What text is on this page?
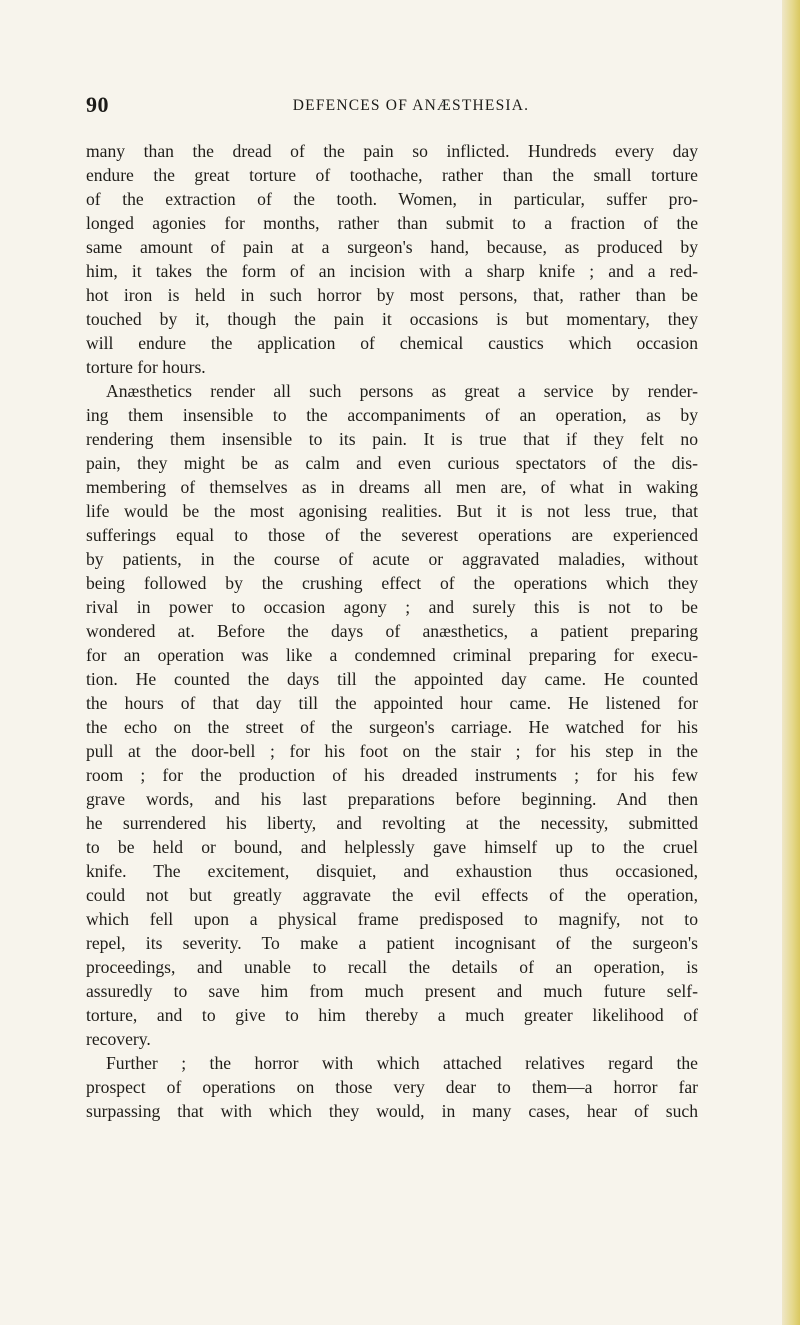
90	DEFENCES OF ANÆSTHESIA.
many than the dread of the pain so inflicted. Hundreds every day
endure the great torture of toothache, rather than the small torture
of the extraction of the tooth. Women, in particular, suffer pro-
longed agonies for months, rather than submit to a fraction of the
same amount of pain at a surgeon's hand, because, as produced by
him, it takes the form of an incision with a sharp knife ; and a red-
hot iron is held in such horror by most persons, that, rather than be
touched by it, though the pain it occasions is but momentary, they
will endure the application of chemical caustics which occasion
torture for hours.
Anæsthetics render all such persons as great a service by render-
ing them insensible to the accompaniments of an operation, as by
rendering them insensible to its pain. It is true that if they felt no
pain, they might be as calm and even curious spectators of the dis-
membering of themselves as in dreams all men are, of what in waking
life would be the most agonising realities. But it is not less true, that
sufferings equal to those of the severest operations are experienced
by patients, in the course of acute or aggravated maladies, without
being followed by the crushing effect of the operations which they
rival in power to occasion agony ; and surely this is not to be
wondered at. Before the days of anæsthetics, a patient preparing
for an operation was like a condemned criminal preparing for execu-
tion. He counted the days till the appointed day came. He counted
the hours of that day till the appointed hour came. He listened for
the echo on the street of the surgeon's carriage. He watched for his
pull at the door-bell ; for his foot on the stair ; for his step in the
room ; for the production of his dreaded instruments ; for his few
grave words, and his last preparations before beginning. And then
he surrendered his liberty, and revolting at the necessity, submitted
to be held or bound, and helplessly gave himself up to the cruel
knife. The excitement, disquiet, and exhaustion thus occasioned,
could not but greatly aggravate the evil effects of the operation,
which fell upon a physical frame predisposed to magnify, not to
repel, its severity. To make a patient incognisant of the surgeon's
proceedings, and unable to recall the details of an operation, is
assuredly to save him from much present and much future self-
torture, and to give to him thereby a much greater likelihood of
recovery.
Further ; the horror with which attached relatives regard the
prospect of operations on those very dear to them—a horror far
surpassing that with which they would, in many cases, hear of such
